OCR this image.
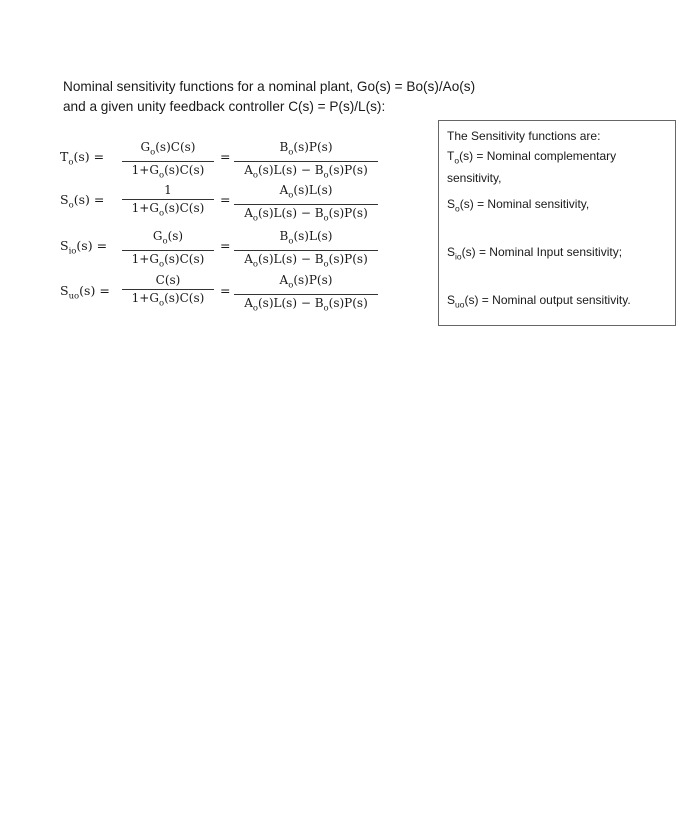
Nominal sensitivity functions for a nominal plant, Go(s) = Bo(s)/Ao(s)
and a given unity feedback controller C(s) = P(s)/L(s):
$T_o(s)$ =
$G_o(s)C(s)$
$1+G_o(s)C(s)$
=
$B_o(s)P(s)$
$A_o(s)L(s) - B_o(s)P(s)$
$S_o(s)$ =
1
$1+G_o(s)C(s)$
=
$A_o(s)L(s)$
$A_o(s)L(s) - B_o(s)P(s)$
$S_{io}(s)$ =
$G_o(s)$
$1+G_o(s)C(s)$
=
$B_o(s)L(s)$
$A_o(s)L(s) - B_o(s)P(s)$
$S_{uo}(s)$ =
C(s)
$1+G_o(s)C(s)$	=
$A_o(s)P(s)$
$A_o(s)L(s) - B_o(s)P(s)$

The Sensitivity functions are:

$T_o(s)$ = Nominal complementary sensitivity,

$S_o(s)$ = Nominal sensitivity,

$S_{io}(s)$ = Nominal Input sensitivity;

$S_{uo}(s)$ = Nominal output sensitivity.
